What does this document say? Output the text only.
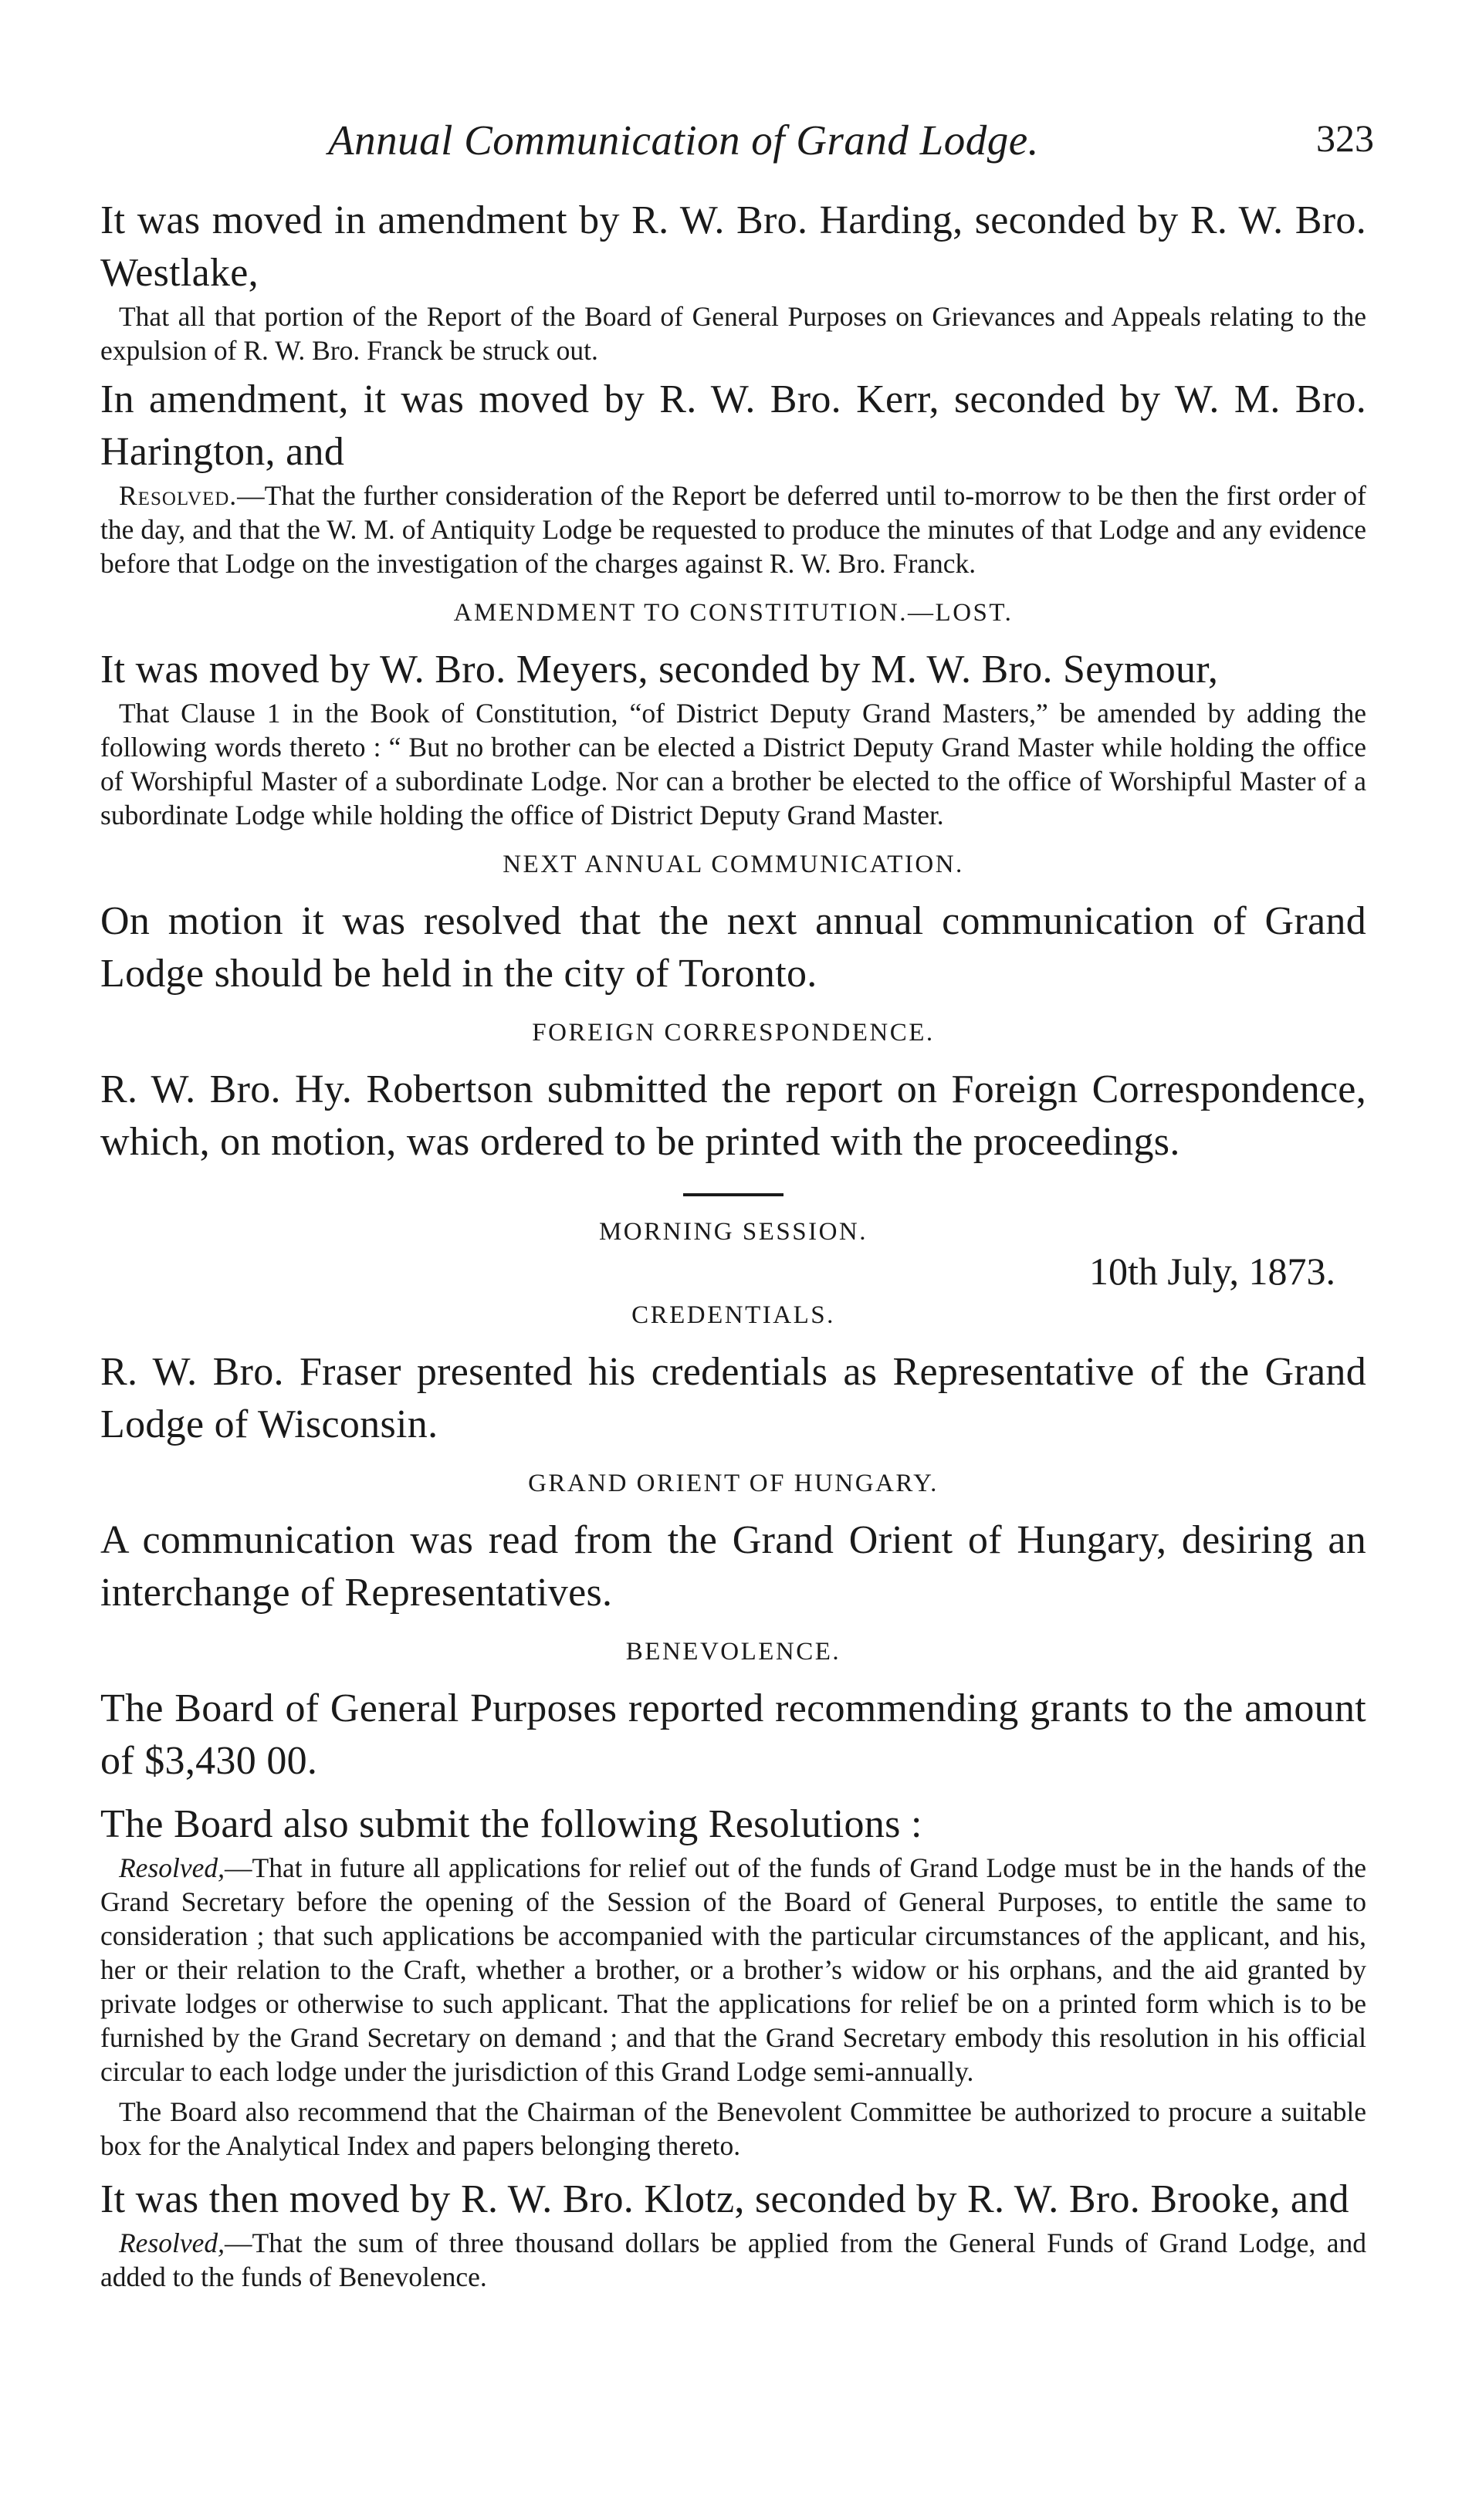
Annual Communication of Grand Lodge.	323

It was moved in amendment by R. W. Bro. Harding, seconded by R. W. Bro. Westlake,

That all that portion of the Report of the Board of General Purposes on Grievances and Appeals relating to the expulsion of R. W. Bro. Franck be struck out.

In amendment, it was moved by R. W. Bro. Kerr, seconded by W. M. Bro. Harington, and

Resolved.—That the further consideration of the Report be deferred until to-morrow to be then the first order of the day, and that the W. M. of Antiquity Lodge be requested to produce the minutes of that Lodge and any evidence before that Lodge on the investigation of the charges against R. W. Bro. Franck.

AMENDMENT TO CONSTITUTION.—LOST.

It was moved by W. Bro. Meyers, seconded by M. W. Bro. Seymour,

That Clause 1 in the Book of Constitution, “of District Deputy Grand Masters,” be amended by adding the following words thereto : “ But no brother can be elected a District Deputy Grand Master while holding the office of Worshipful Master of a subordinate Lodge. Nor can a brother be elected to the office of Worshipful Master of a subordinate Lodge while holding the office of District Deputy Grand Master.

NEXT ANNUAL COMMUNICATION.

On motion it was resolved that the next annual communication of Grand Lodge should be held in the city of Toronto.

FOREIGN CORRESPONDENCE.

R. W. Bro. Hy. Robertson submitted the report on Foreign Correspondence, which, on motion, was ordered to be printed with the proceedings.

MORNING SESSION.
10th July, 1873.
CREDENTIALS.

R. W. Bro. Fraser presented his credentials as Representative of the Grand Lodge of Wisconsin.

GRAND ORIENT OF HUNGARY.

A communication was read from the Grand Orient of Hungary, desiring an interchange of Representatives.

BENEVOLENCE.

The Board of General Purposes reported recommending grants to the amount of $3,430 00.

The Board also submit the following Resolutions :

Resolved,—That in future all applications for relief out of the funds of Grand Lodge must be in the hands of the Grand Secretary before the opening of the Session of the Board of General Purposes, to entitle the same to consideration ; that such applications be accompanied with the particular circumstances of the applicant, and his, her or their relation to the Craft, whether a brother, or a brother’s widow or his orphans, and the aid granted by private lodges or otherwise to such applicant. That the applications for relief be on a printed form which is to be furnished by the Grand Secretary on demand ; and that the Grand Secretary embody this resolution in his official circular to each lodge under the jurisdiction of this Grand Lodge semi-annually.

The Board also recommend that the Chairman of the Benevolent Committee be authorized to procure a suitable box for the Analytical Index and papers belonging thereto.

It was then moved by R. W. Bro. Klotz, seconded by R. W. Bro. Brooke, and

Resolved,—That the sum of three thousand dollars be applied from the General Funds of Grand Lodge, and added to the funds of Benevolence.
